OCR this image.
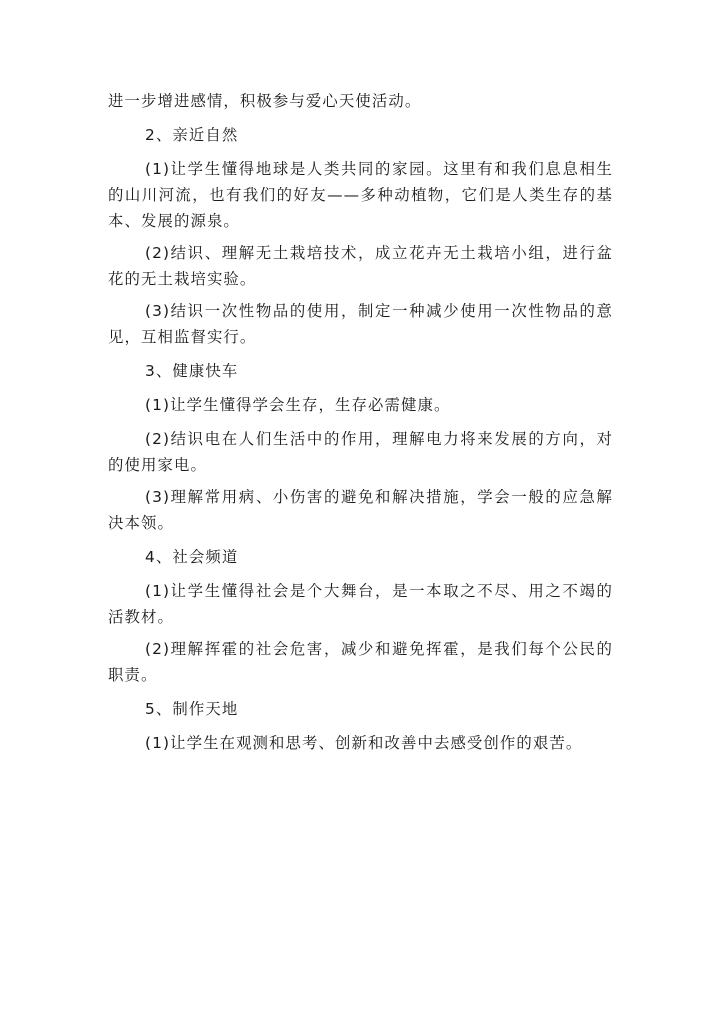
进一步增进感情，积极参与爱心天使活动。

2、亲近自然

(1)让学生懂得地球是人类共同的家园。这里有和我们息息相生的山川河流，也有我们的好友——多种动植物，它们是人类生存的基本、发展的源泉。

(2)结识、理解无土栽培技术，成立花卉无土栽培小组，进行盆花的无土栽培实验。

(3)结识一次性物品的使用，制定一种减少使用一次性物品的意见，互相监督实行。

3、健康快车

(1)让学生懂得学会生存，生存必需健康。

(2)结识电在人们生活中的作用，理解电力将来发展的方向，对的使用家电。

(3)理解常用病、小伤害的避免和解决措施，学会一般的应急解决本领。

4、社会频道

(1)让学生懂得社会是个大舞台，是一本取之不尽、用之不竭的活教材。

(2)理解挥霍的社会危害，减少和避免挥霍，是我们每个公民的职责。

5、制作天地

(1)让学生在观测和思考、创新和改善中去感受创作的艰苦。
